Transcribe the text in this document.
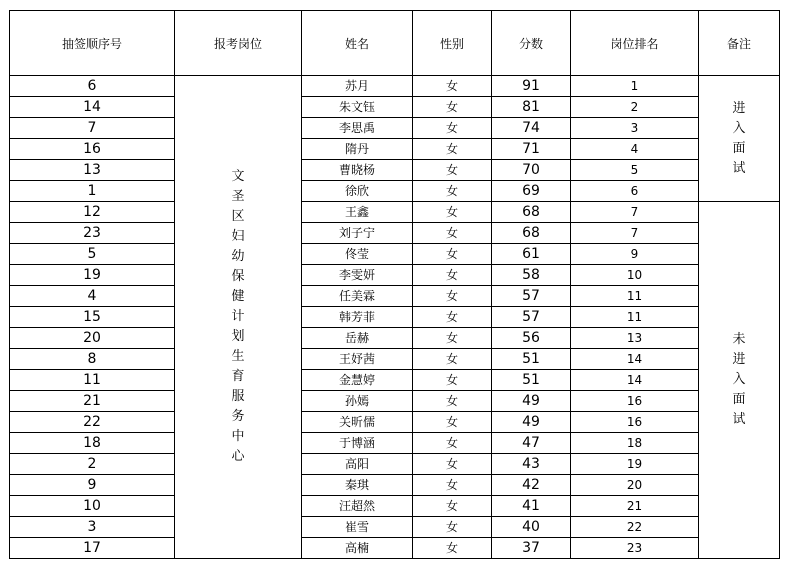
抽签顺序号	报考岗位	姓名	性别	分数	岗位排名	备注
6	文圣区妇幼保健计划生育服务中心	苏月	女	91	1	进入面试
14		朱文钰	女	81	2	
7		李思禹	女	74	3	
16		隋丹	女	71	4	
13		曹晓杨	女	70	5	
1		徐欣	女	69	6	
12		王鑫	女	68	7	未进入面试
23		刘子宁	女	68	7	
5		佟莹	女	61	9	
19		李雯妍	女	58	10	
4		任美霖	女	57	11	
15		韩芳菲	女	57	11	
20		岳赫	女	56	13	
8		王妤茜	女	51	14	
11		金慧婷	女	51	14	
21		孙嫣	女	49	16	
22		关昕儒	女	49	16	
18		于博涵	女	47	18	
2		高阳	女	43	19	
9		秦琪	女	42	20	
10		汪超然	女	41	21	
3		崔雪	女	40	22	
17		高楠	女	37	23	
